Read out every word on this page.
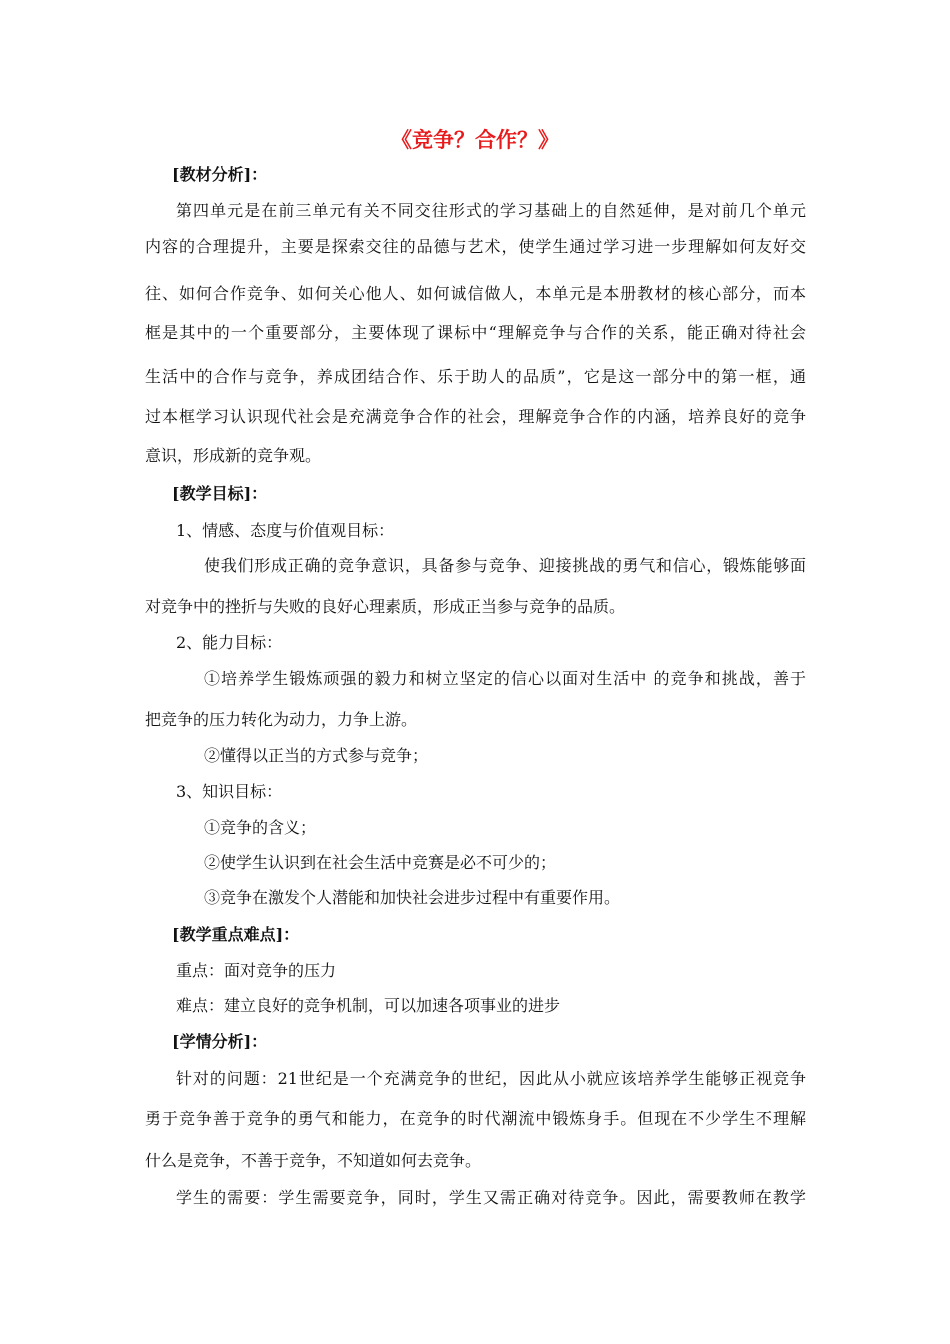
《竞争？合作？》
[教材分析]：
第四单元是在前三单元有关不同交往形式的学习基础上的自然延伸，是对前几个单元
内容的合理提升，主要是探索交往的品德与艺术，使学生通过学习进一步理解如何友好交
往、如何合作竞争、如何关心他人、如何诚信做人，本单元是本册教材的核心部分，而本
框是其中的一个重要部分，主要体现了课标中“理解竞争与合作的关系，能正确对待社会
生活中的合作与竞争，养成团结合作、乐于助人的品质”，它是这一部分中的第一框，通
过本框学习认识现代社会是充满竞争合作的社会，理解竞争合作的内涵，培养良好的竞争
意识，形成新的竞争观。
[教学目标]：
1、情感、态度与价值观目标：
使我们形成正确的竞争意识，具备参与竞争、迎接挑战的勇气和信心，锻炼能够面
对竞争中的挫折与失败的良好心理素质，形成正当参与竞争的品质。
2、能力目标：
①培养学生锻炼顽强的毅力和树立坚定的信心以面对生活中 的竞争和挑战，善于
把竞争的压力转化为动力，力争上游。
②懂得以正当的方式参与竞争；
3、知识目标：
①竞争的含义；
②使学生认识到在社会生活中竞赛是必不可少的；
③竞争在激发个人潜能和加快社会进步过程中有重要作用。
[教学重点难点]：
重点：面对竞争的压力
难点：建立良好的竞争机制，可以加速各项事业的进步
[学情分析]：
针对的问题：21世纪是一个充满竞争的世纪，因此从小就应该培养学生能够正视竞争
勇于竞争善于竞争的勇气和能力，在竞争的时代潮流中锻炼身手。但现在不少学生不理解
什么是竞争，不善于竞争，不知道如何去竞争。
学生的需要：学生需要竞争，同时，学生又需正确对待竞争。因此，需要教师在教学
